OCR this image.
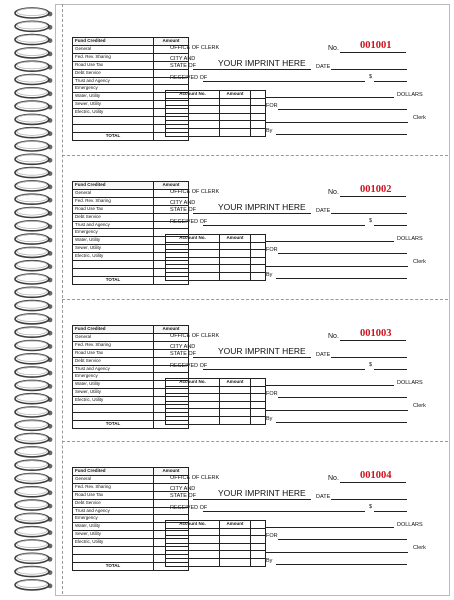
Fund Credited	Amount
General	
Fed. Rev. Sharing	
Road Use Tax	
Debt Service	
Trust and Agency	
Emergency	
Water, Utility	
Sewer, Utility	
Electric, Utility	

TOTAL	
Account No.	Amount	

OFFICE OF CLERK
CITY AND
STATE OF	YOUR IMPRINT HERE
No. 001001
DATE
RECEIVED OF	$
DOLLARS
FOR
Clerk
By
Fund Credited	Amount
General	
Fed. Rev. Sharing	
Road Use Tax	
Debt Service	
Trust and Agency	
Emergency	
Water, Utility	
Sewer, Utility	
Electric, Utility	

TOTAL	
Account No.	Amount	

OFFICE OF CLERK
CITY AND
STATE OF	YOUR IMPRINT HERE
No. 001002
DATE
RECEIVED OF	$
DOLLARS
FOR
Clerk
By
Fund Credited	Amount
General	
Fed. Rev. Sharing	
Road Use Tax	
Debt Service	
Trust and Agency	
Emergency	
Water, Utility	
Sewer, Utility	
Electric, Utility	

TOTAL	
Account No.	Amount	

OFFICE OF CLERK
CITY AND
STATE OF	YOUR IMPRINT HERE
No. 001003
DATE
RECEIVED OF	$
DOLLARS
FOR
Clerk
By
Fund Credited	Amount
General	
Fed. Rev. Sharing	
Road Use Tax	
Debt Service	
Trust and Agency	
Emergency	
Water, Utility	
Sewer, Utility	
Electric, Utility	

TOTAL	
Account No.	Amount	

OFFICE OF CLERK
CITY AND
STATE OF	YOUR IMPRINT HERE
No. 001004
DATE
RECEIVED OF	$
DOLLARS
FOR
Clerk
By
